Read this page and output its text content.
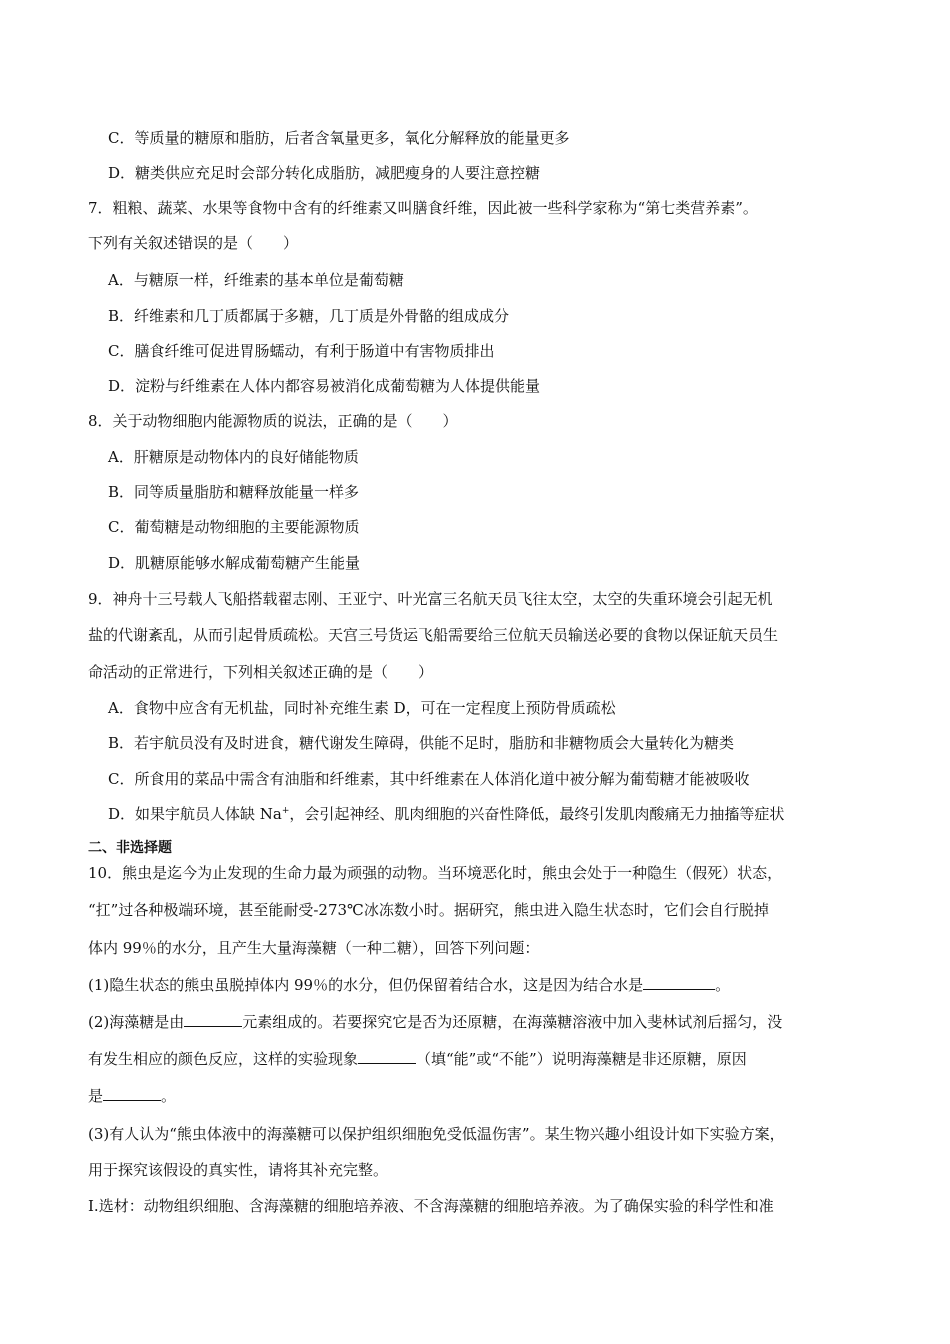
C．等质量的糖原和脂肪，后者含氧量更多，氧化分解释放的能量更多
D．糖类供应充足时会部分转化成脂肪，减肥瘦身的人要注意控糖
7．粗粮、蔬菜、水果等食物中含有的纤维素又叫膳食纤维，因此被一些科学家称为“第七类营养素”。
下列有关叙述错误的是（　　）
A．与糖原一样，纤维素的基本单位是葡萄糖
B．纤维素和几丁质都属于多糖，几丁质是外骨骼的组成成分
C．膳食纤维可促进胃肠蠕动，有利于肠道中有害物质排出
D．淀粉与纤维素在人体内都容易被消化成葡萄糖为人体提供能量
8．关于动物细胞内能源物质的说法，正确的是（　　）
A．肝糖原是动物体内的良好储能物质
B．同等质量脂肪和糖释放能量一样多
C．葡萄糖是动物细胞的主要能源物质
D．肌糖原能够水解成葡萄糖产生能量
9．神舟十三号载人飞船搭载翟志刚、王亚宁、叶光富三名航天员飞往太空，太空的失重环境会引起无机
盐的代谢紊乱，从而引起骨质疏松。天宫三号货运飞船需要给三位航天员输送必要的食物以保证航天员生
命活动的正常进行，下列相关叙述正确的是（　　）
A．食物中应含有无机盐，同时补充维生素 D，可在一定程度上预防骨质疏松
B．若宇航员没有及时进食，糖代谢发生障碍，供能不足时，脂肪和非糖物质会大量转化为糖类
C．所食用的菜品中需含有油脂和纤维素，其中纤维素在人体消化道中被分解为葡萄糖才能被吸收
D．如果宇航员人体缺 Na+，会引起神经、肌肉细胞的兴奋性降低，最终引发肌肉酸痛无力抽搐等症状
二、非选择题
10．熊虫是迄今为止发现的生命力最为顽强的动物。当环境恶化时，熊虫会处于一种隐生（假死）状态，
“扛”过各种极端环境，甚至能耐受-273℃冰冻数小时。据研究，熊虫进入隐生状态时，它们会自行脱掉
体内 99％的水分，且产生大量海藻糖（一种二糖），回答下列问题：
(1)隐生状态的熊虫虽脱掉体内 99％的水分，但仍保留着结合水，这是因为结合水是	。
(2)海藻糖是由	元素组成的。若要探究它是否为还原糖，在海藻糖溶液中加入斐林试剂后摇匀，没
有发生相应的颜色反应，这样的实验现象	（填“能”或“不能”）说明海藻糖是非还原糖，原因
是	。
(3)有人认为“熊虫体液中的海藻糖可以保护组织细胞免受低温伤害”。某生物兴趣小组设计如下实验方案，
用于探究该假设的真实性，请将其补充完整。
I.选材：动物组织细胞、含海藻糖的细胞培养液、不含海藻糖的细胞培养液。为了确保实验的科学性和准
